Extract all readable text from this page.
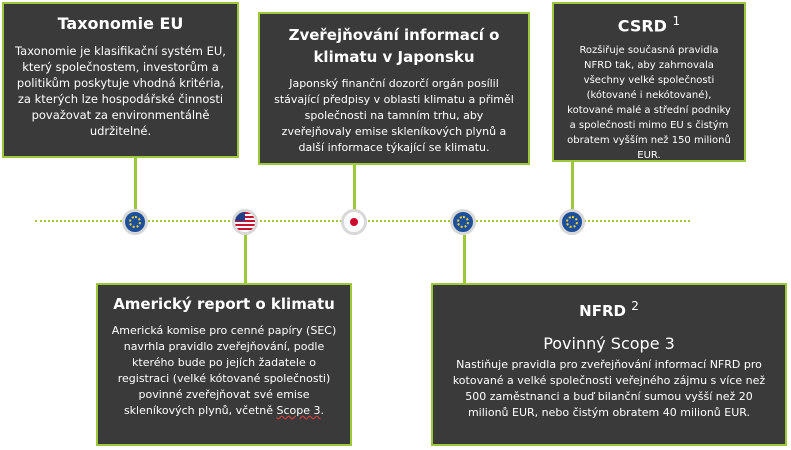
Taxonomie EU

Taxonomie je klasifikační systém EU, který společnostem, investorům a politikům poskytuje vhodná kritéria, za kterých lze hospodářské činnosti považovat za environmentálně udržitelné.

Zveřejňování informací o klimatu v Japonsku

Japonský finanční dozorčí orgán posílil stávající předpisy v oblasti klimatu a přiměl společnosti na tamním trhu, aby zveřejňovaly emise skleníkových plynů a další informace týkající se klimatu.

CSRD $^1$

Rozšiřuje současná pravidla NFRD tak, aby zahrnovala všechny velké společnosti (kótované i nekótované), kotované malé a střední podniky a společnosti mimo EU s čistým obratem vyšším než 150 milionů EUR.

Americký report o klimatu

Americká komise pro cenné papíry (SEC) navrhla pravidlo zveřejňování, podle kterého bude po jejích žadatele o registraci (velké kótované společnosti) povinné zveřejňovat své emise skleníkových plynů, včetně Scope 3.

NFRD $^2$
Povinný Scope 3

Nastiňuje pravidla pro zveřejňování informací NFRD pro kotované a velké společnosti veřejného zájmu s více než 500 zaměstnanci a buď bilanční sumou vyšší než 20 milionů EUR, nebo čistým obratem 40 milionů EUR.
